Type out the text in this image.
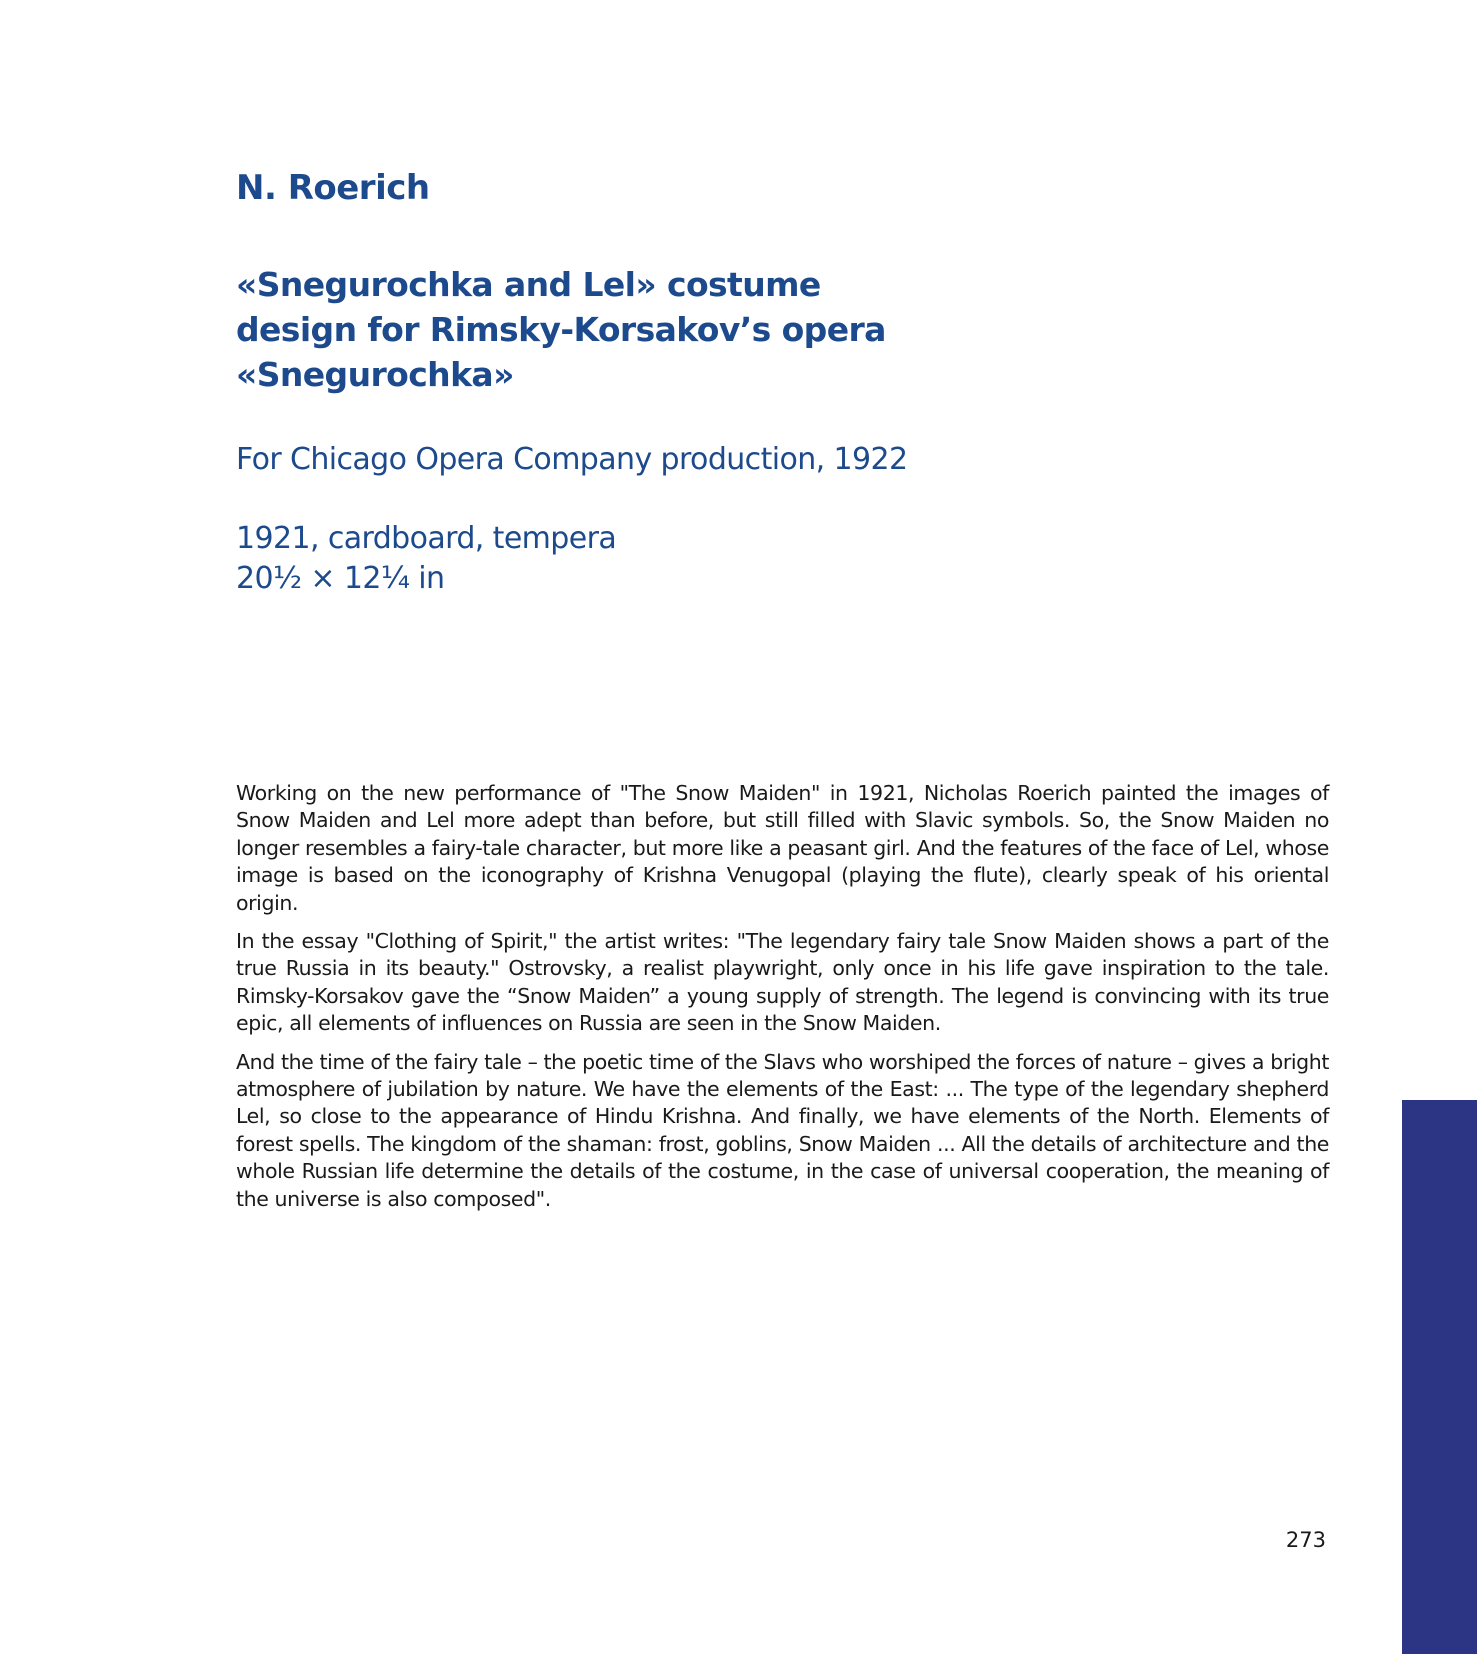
N. Roerich
«Snegurochka and Lel» costume
design for Rimsky-Korsakov’s opera
«Snegurochka»
For Chicago Opera Company production, 1922
1921, cardboard, tempera
20½ × 12¼ in

Working on the new performance of "The Snow Maiden" in 1921, Nicholas Roerich painted the images of Snow Maiden and Lel more adept than before, but still filled with Slavic symbols. So, the Snow Maiden no longer resembles a fairy-tale character, but more like a peasant girl. And the features of the face of Lel, whose image is based on the iconography of Krishna Venugopal (playing the flute), clearly speak of his oriental origin.

In the essay "Clothing of Spirit," the artist writes: "The legendary fairy tale Snow Maiden shows a part of the true Russia in its beauty." Ostrovsky, a realist playwright, only once in his life gave inspiration to the tale. Rimsky-Korsakov gave the “Snow Maiden” a young supply of strength. The legend is convincing with its true epic, all elements of influences on Russia are seen in the Snow Maiden.

And the time of the fairy tale – the poetic time of the Slavs who worshiped the forces of nature – gives a bright atmosphere of jubilation by nature. We have the elements of the East: ... The type of the legendary shepherd Lel, so close to the appearance of Hindu Krishna. And finally, we have elements of the North. Elements of forest spells. The kingdom of the shaman: frost, goblins, Snow Maiden ... All the details of architecture and the whole Russian life determine the details of the costume, in the case of universal cooperation, the meaning of the universe is also composed".

273
